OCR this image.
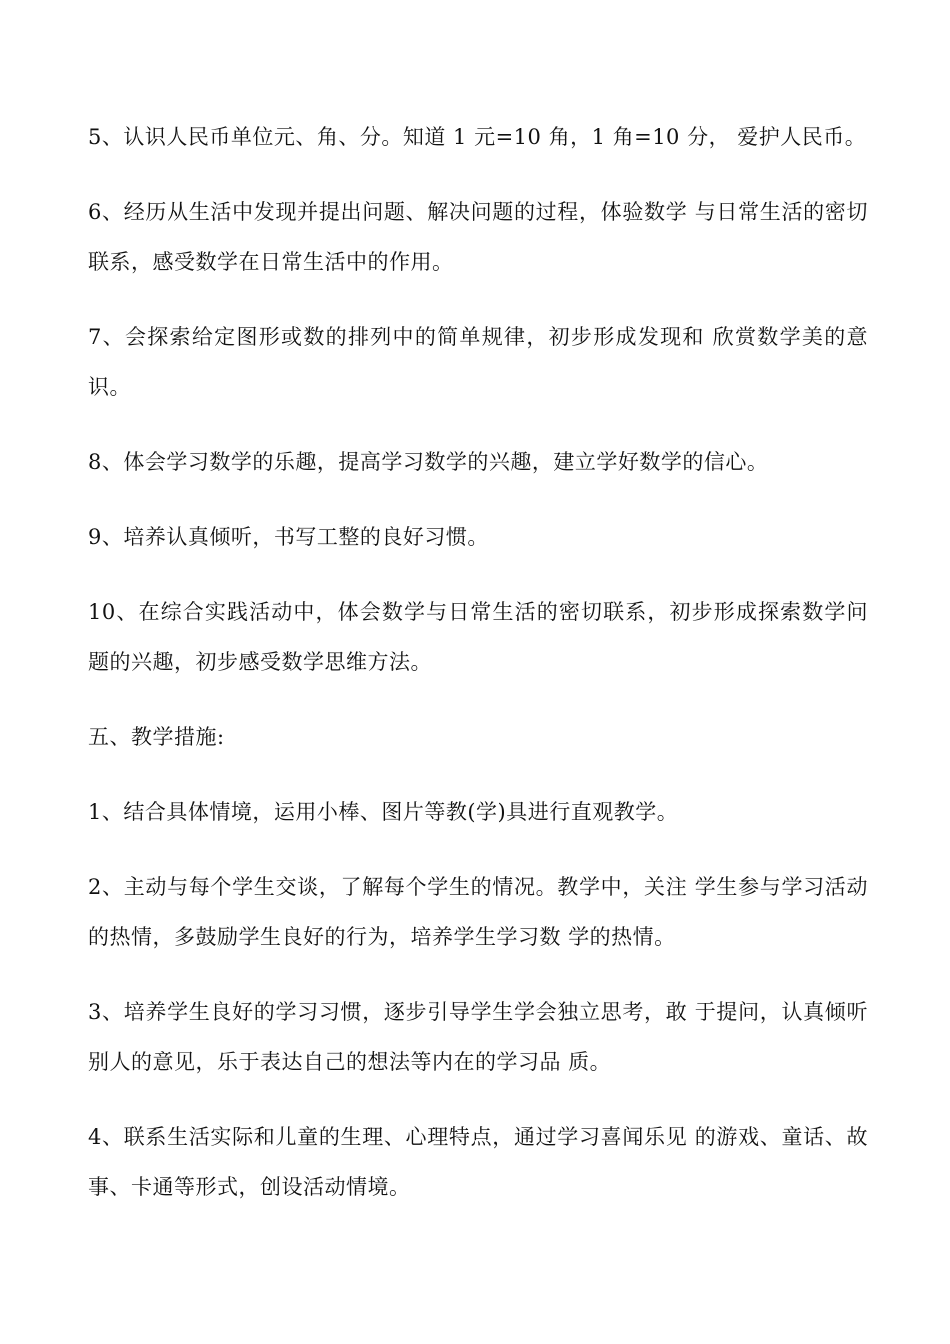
5、认识人民币单位元、角、分。知道 1 元=10 角，1 角=10 分， 爱护人民币。

6、经历从生活中发现并提出问题、解决问题的过程，体验数学 与日常生活的密切联系，感受数学在日常生活中的作用。

7、会探索给定图形或数的排列中的简单规律，初步形成发现和 欣赏数学美的意识。

8、体会学习数学的乐趣，提高学习数学的兴趣，建立学好数学的信心。

9、培养认真倾听，书写工整的良好习惯。

10、在综合实践活动中，体会数学与日常生活的密切联系，初步形成探索数学问题的兴趣，初步感受数学思维方法。

五、教学措施:

1、结合具体情境，运用小棒、图片等教(学)具进行直观教学。

2、主动与每个学生交谈，了解每个学生的情况。教学中，关注 学生参与学习活动的热情，多鼓励学生良好的行为，培养学生学习数 学的热情。

3、培养学生良好的学习习惯，逐步引导学生学会独立思考，敢 于提问，认真倾听别人的意见，乐于表达自己的想法等内在的学习品 质。

4、联系生活实际和儿童的生理、心理特点，通过学习喜闻乐见 的游戏、童话、故事、卡通等形式，创设活动情境。
